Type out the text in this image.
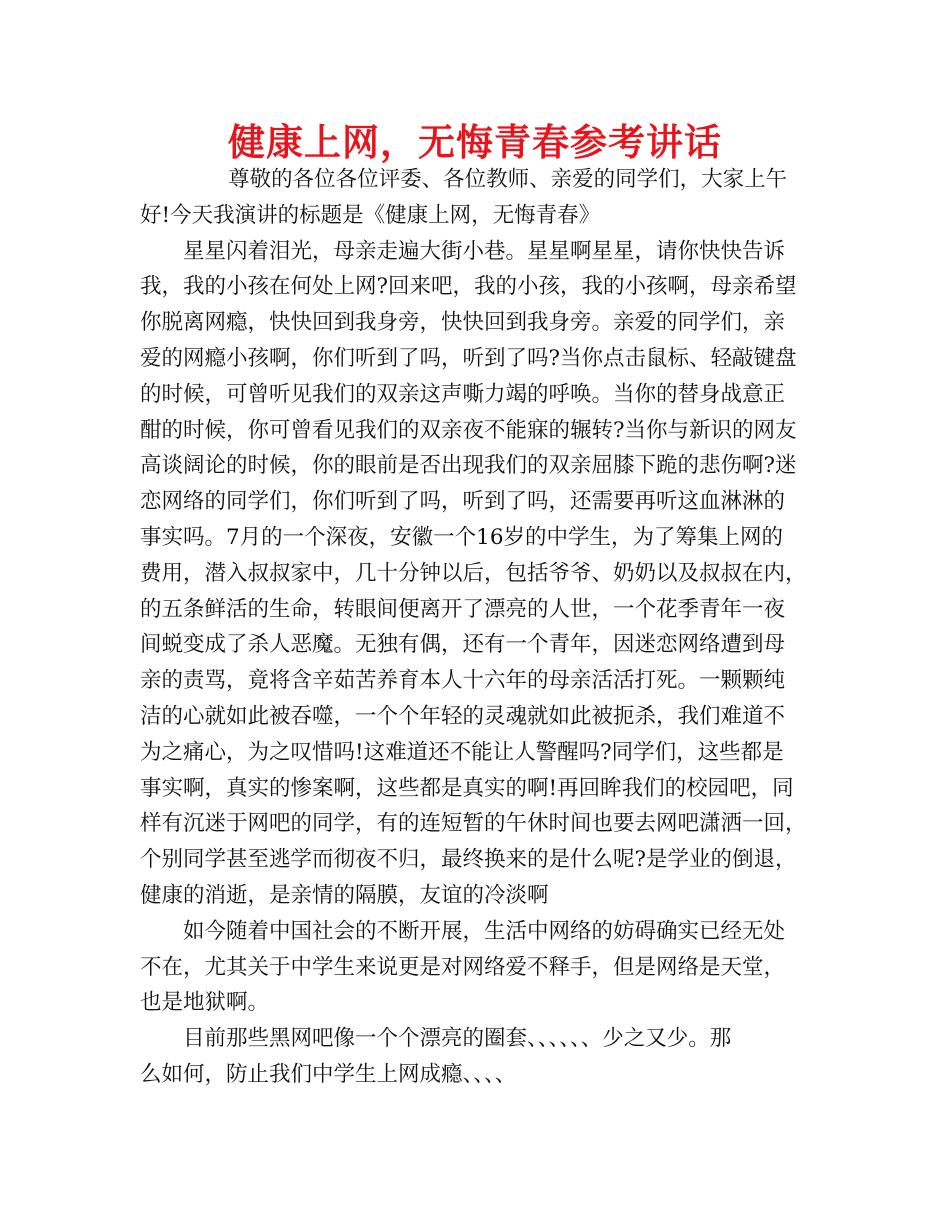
健康上网，无悔青春参考讲话

尊敬的各位各位评委、各位教师、亲爱的同学们，大家上午
好!今天我演讲的标题是《健康上网，无悔青春》

星星闪着泪光，母亲走遍大街小巷。星星啊星星，请你快快告诉
我，我的小孩在何处上网?回来吧，我的小孩，我的小孩啊，母亲希望
你脱离网瘾，快快回到我身旁，快快回到我身旁。亲爱的同学们，亲
爱的网瘾小孩啊，你们听到了吗，听到了吗?当你点击鼠标、轻敲键盘
的时候，可曾听见我们的双亲这声嘶力竭的呼唤。当你的替身战意正
酣的时候，你可曾看见我们的双亲夜不能寐的辗转?当你与新识的网友
高谈阔论的时候，你的眼前是否出现我们的双亲屈膝下跪的悲伤啊?迷
恋网络的同学们，你们听到了吗，听到了吗，还需要再听这血淋淋的
事实吗。7月的一个深夜，安徽一个16岁的中学生，为了筹集上网的
费用，潜入叔叔家中，几十分钟以后，包括爷爷、奶奶以及叔叔在内，
的五条鲜活的生命，转眼间便离开了漂亮的人世，一个花季青年一夜
间蜕变成了杀人恶魔。无独有偶，还有一个青年，因迷恋网络遭到母
亲的责骂，竟将含辛茹苦养育本人十六年的母亲活活打死。一颗颗纯
洁的心就如此被吞噬，一个个年轻的灵魂就如此被扼杀，我们难道不
为之痛心，为之叹惜吗!这难道还不能让人警醒吗?同学们，这些都是
事实啊，真实的惨案啊，这些都是真实的啊!再回眸我们的校园吧，同
样有沉迷于网吧的同学，有的连短暂的午休时间也要去网吧潇洒一回，
个别同学甚至逃学而彻夜不归，最终换来的是什么呢?是学业的倒退，
健康的消逝，是亲情的隔膜，友谊的冷淡啊

如今随着中国社会的不断开展，生活中网络的妨碍确实已经无处
不在，尤其关于中学生来说更是对网络爱不释手，但是网络是天堂，
也是地狱啊。

目前那些黑网吧像一个个漂亮的圈套、、、、、、少之又少。那
么如何，防止我们中学生上网成瘾、、、、
